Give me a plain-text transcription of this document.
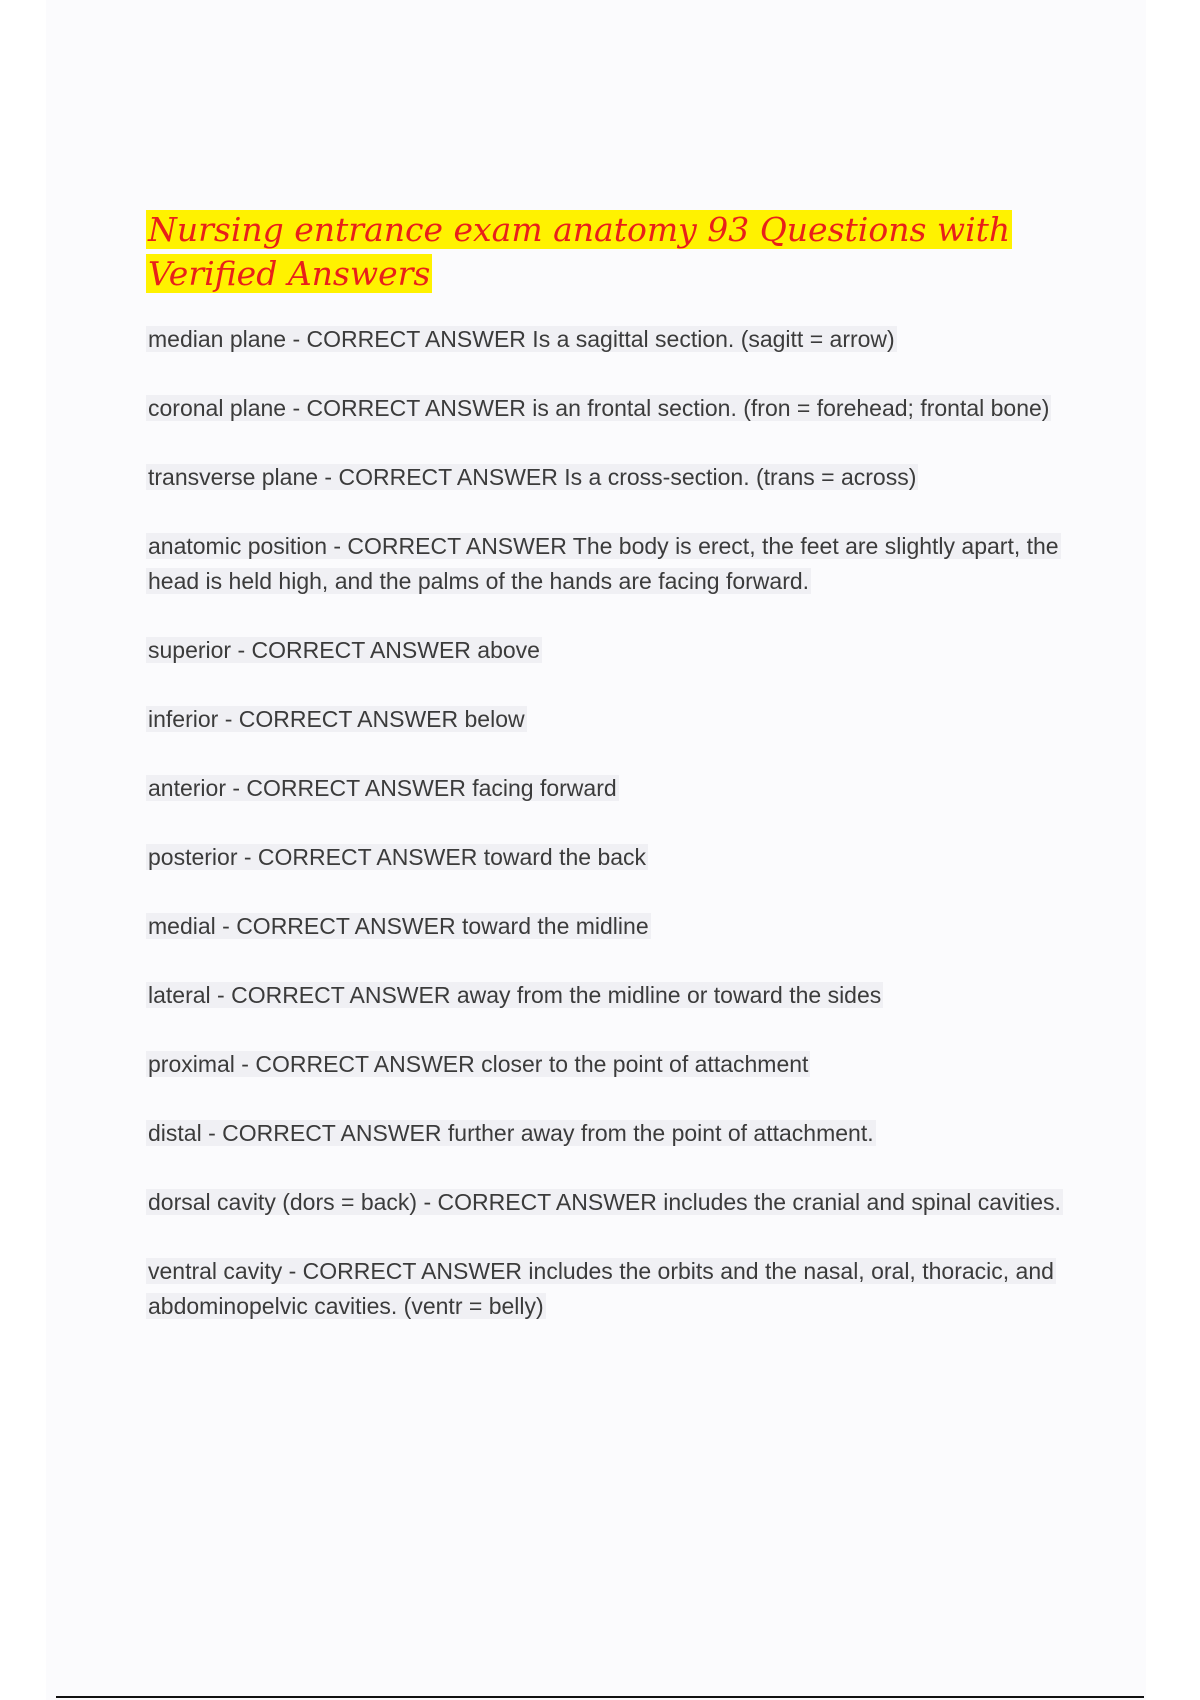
Nursing entrance exam anatomy 93 Questions with Verified Answers
median plane - CORRECT ANSWER Is a sagittal section. (sagitt = arrow)
coronal plane - CORRECT ANSWER is an frontal section. (fron = forehead; frontal bone)
transverse plane - CORRECT ANSWER Is a cross-section. (trans = across)
anatomic position - CORRECT ANSWER The body is erect, the feet are slightly apart, the head is held high, and the palms of the hands are facing forward.
superior - CORRECT ANSWER above
inferior - CORRECT ANSWER below
anterior - CORRECT ANSWER facing forward
posterior - CORRECT ANSWER toward the back
medial - CORRECT ANSWER toward the midline
lateral - CORRECT ANSWER away from the midline or toward the sides
proximal - CORRECT ANSWER closer to the point of attachment
distal - CORRECT ANSWER further away from the point of attachment.
dorsal cavity (dors = back) - CORRECT ANSWER includes the cranial and spinal cavities.
ventral cavity - CORRECT ANSWER includes the orbits and the nasal, oral, thoracic, and abdominopelvic cavities. (ventr = belly)
